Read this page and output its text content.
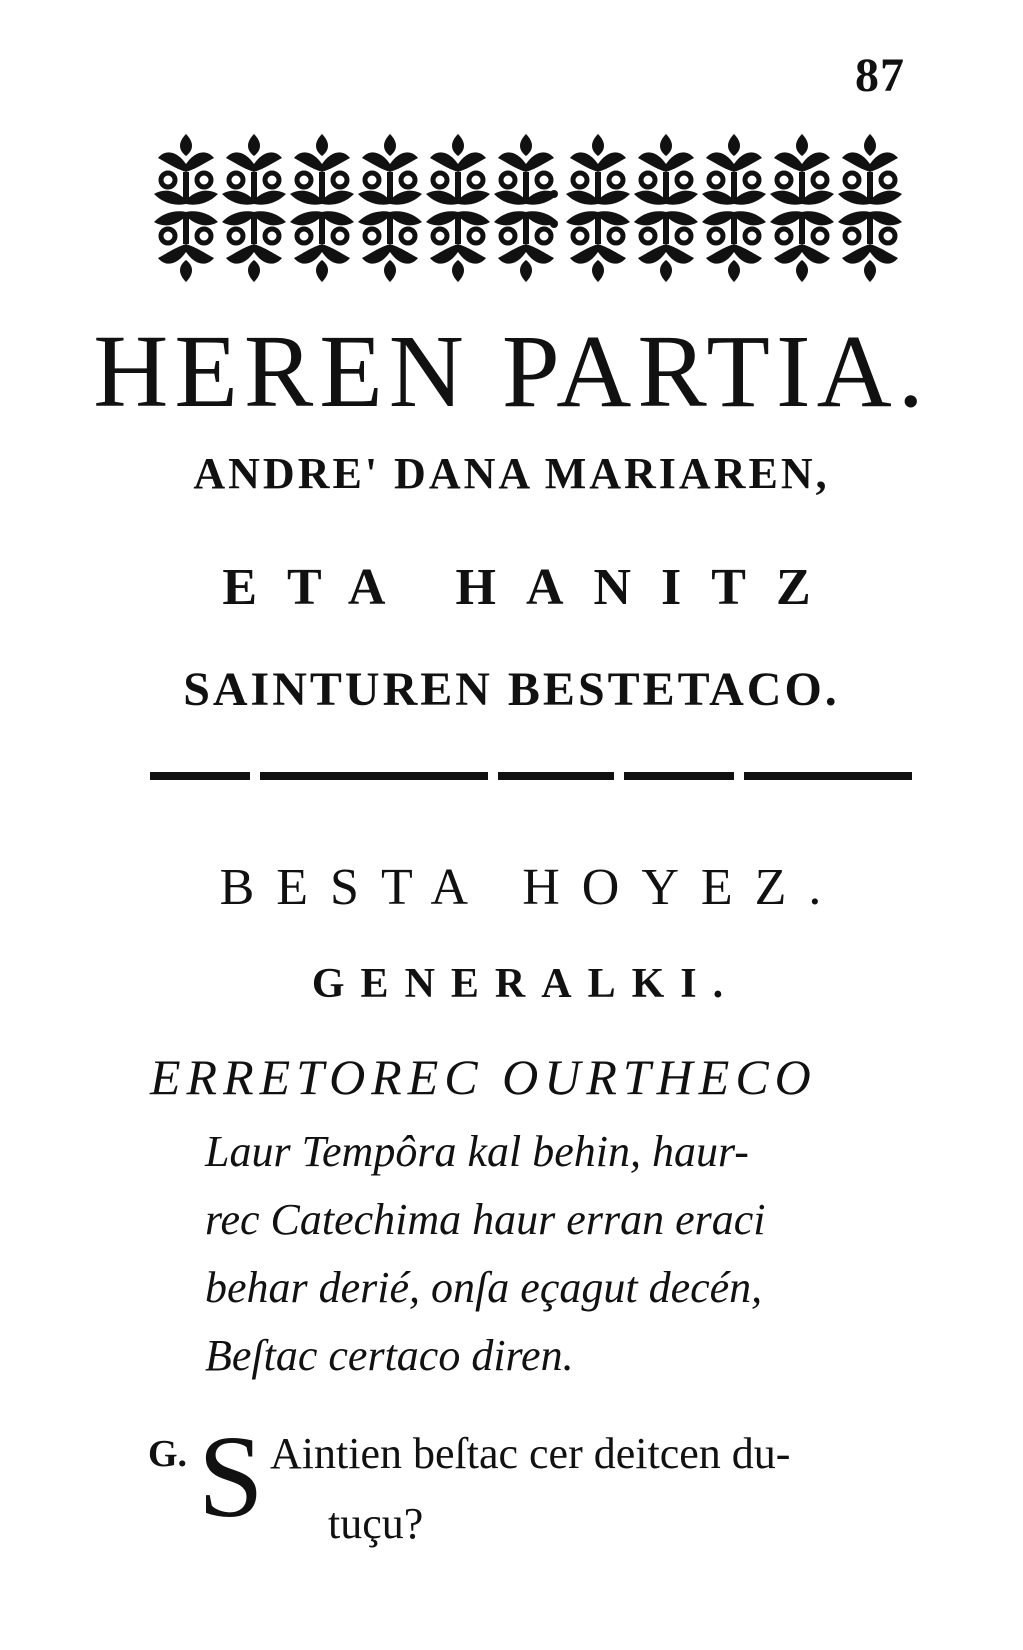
87
HEREN PARTIA.
ANDRE' DANA MARIAREN,
ETA HANITZ
SAINTUREN BESTETACO.
BESTA HOYEZ.
GENERALKI.
ERRETOREC OURTHECO
Laur Tempôra kal behin, haur-
rec Catechima haur erran eraci
behar derié, onſa eçagut decén,
Beſtac certaco diren.
G. S Aintien beſtac cer deitcen du-
tuçu?
